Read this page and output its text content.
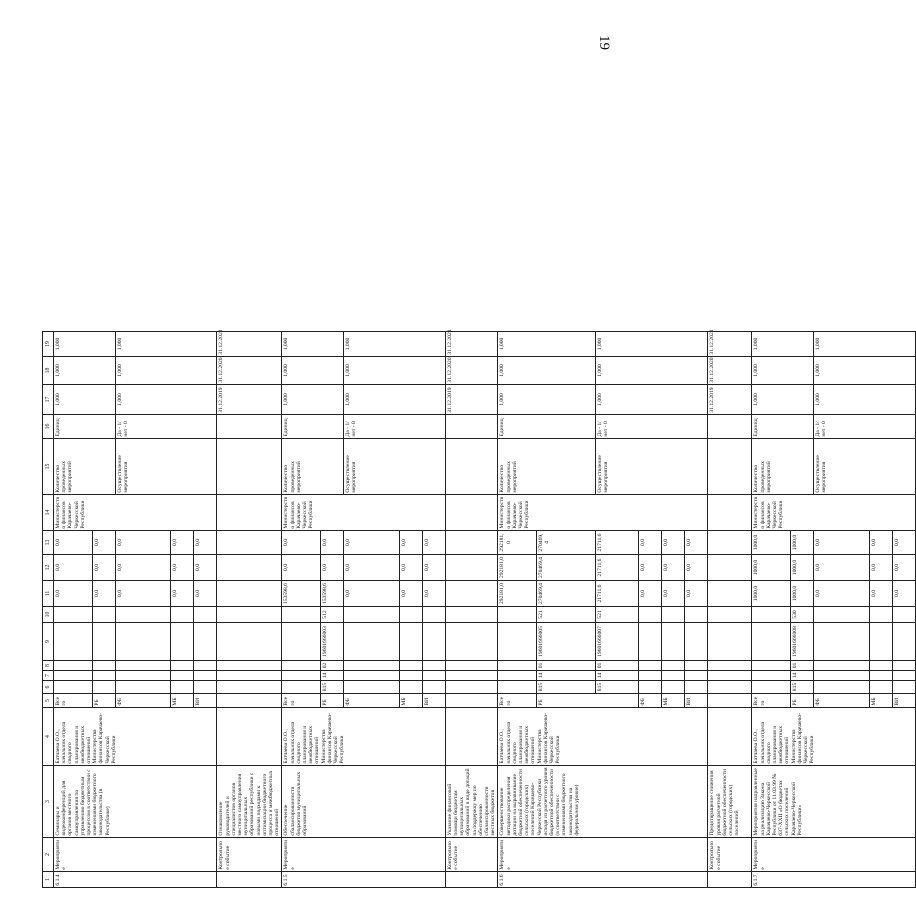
19
1	2	3	4	5	6	7	8	9	10	11	12	13	14	15	16	17	18	19
6.1.4	Мероприятие	Семинары и видеоконференций для органов местного самоуправления по управлению бюджетным процессом в соответствии с изменениями бюджетного законодательства (в Республике)	Батчаева О.О., начальник отдела сводного планирования и межбюджетных отношений Министерства финансов Карачаево-Черкесской Республики	Всего						0,0	0,0	0,0	Министерство финансов Карачаево-Черкесской Республики	Количество проведенных мероприятий	Единиц	1,000	1,000	1,000
				РБ						0,0	0,0	0,0						
				ФБ						0,0	0,0	0,0		Осуществление мероприятия	Да - 1/ нет - 0	1,000	1,000	1,000
				МБ						0,0	0,0	0,0						
				ВИ						0,0	0,0	0,0						
	Контрольное событие	Ознакомление руководителей и специалистов органов местного самоуправления муниципальных образований республики с новыми подходами к оптимизации бюджетного процесса и межбюджетных отношений														31.12.2019	31.12.2020	31.12.2021
6.1.5	Мероприятие	Обеспечение сбалансированности бюджетов муниципальных образований	Батчаева О.О., начальник отдела сводного планирования и межбюджетных отношений Министерства финансов Карачаево-Черкесской Республики	Всего						153598,6	0,0	0,0	Министерство финансов Карачаево-Черкесской Республики	Количество проведенных мероприятий	Единиц	1,000	1,000	1,000
				РБ	815	14	02	19601666003	512	153598,6	0,0	0,0						
				ФБ						0,0	0,0	0,0		Осуществление мероприятия	Да - 1/ нет - 0	1,000	1,000	1,000
				МБ						0,0	0,0	0,0						
				ВИ						0,0	0,0	0,0						
	Контрольное событие	Указание финансовой помощи бюджетам муниципальных образований в виде дотаций на поддержку мер по обеспечению сбалансированности местных бюджетов														31.12.2019	31.12.2020	31.12.2021
6.1.6	Мероприятие	Совершенствование методики распределения дотации на выравнивание бюджетной обеспеченности сельских (городских) поселений Карачаево-Черкесской Республики исходя из расчетного уровня бюджетной обеспеченности (в соответствии с изменениями бюджетного законодательства на федеральном уровне)	Батчаева О.О., начальник отдела сводного планирования и межбюджетных отношений Министерства финансов Карачаево-Черкесской Республики	Всего						292181,0	292181,0	292181,0	Министерство финансов Карачаево-Черкесской Республики	Количество проведенных мероприятий	Единиц	1,000	1,000	1,000
				РБ	815	14	01	19601666005	521	270469,4	270469,4	270469,4						
					815	14	01	19601666007	521	21711,6	21711,6	21711,6		Осуществление мероприятия	Да - 1/ нет - 0	1,000	1,000	1,000
				ФБ						0,0	0,0	0,0						
				МБ						0,0	0,0	0,0						
				ВИ						0,0	0,0	0,0						
	Контрольное событие	Предотвращение снижения уровня расчетной бюджетной обеспеченности сельских (городских) поселений														31.12.2019	31.12.2020	31.12.2021
6.1.7	Мероприятие	Мероприятия направленные на реализацию Закона Карачаево-Черкесской Республики от 11.03.99 № 637-XXII «О бюджетах сельских поселений Карачаево-Черкесской Республики»	Батчаева О.О., начальник отдела сводного планирования и межбюджетных отношений Министерства финансов Карачаево-Черкесской Республики	Всего						1000,0	1000,0	1000,0	Министерство финансов Карачаево-Черкесской Республики	Количество проведенных мероприятий	Единиц	1,000	1,000	1,000
				РБ	815	14	01	19601666008	530	1000,0	1000,0	1000,0						
				ФБ						0,0	0,0	0,0		Осуществление мероприятия	Да - 1/ нет - 0	1,000	1,000	1,000
				МБ						0,0	0,0	0,0						
				ВИ						0,0	0,0	0,0						
